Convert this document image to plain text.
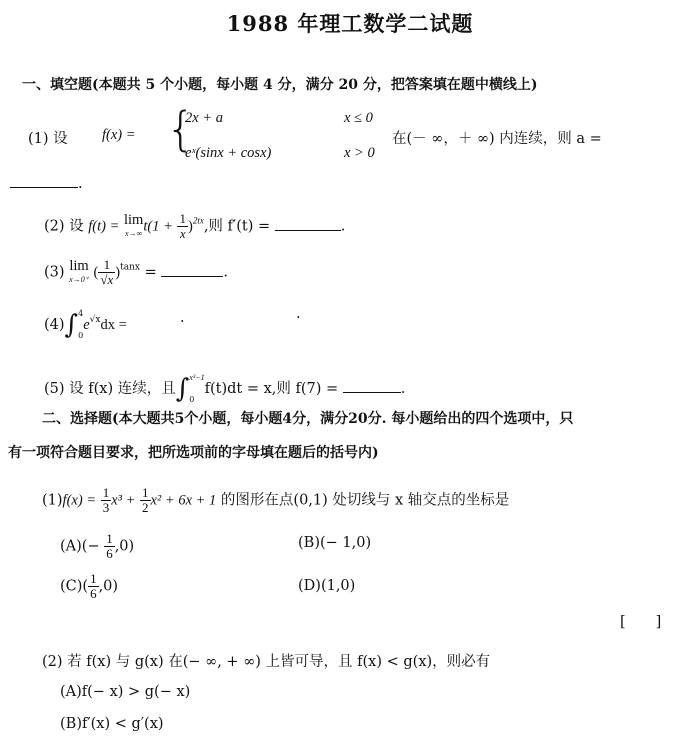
1988 年理工数学二试题
一、填空题(本题共 5 个小题，每小题 4 分，满分 20 分，把答案填在题中横线上)
(1) 设 f(x) = {
2x + a	x ≤ 0
eˣ(sinx + cosx)	x > 0
在(－ ∞，＋ ∞) 内连续，则 a =
.
(2) 设 f(t) = lim
x→∞ $t(1 + \frac{1}{x} )^{2tx}$,则 f′(t) =	.
(3) lim
x→0⁺ ( $\frac{1}{√x} )^{tanx}$ =	.
(4)∫ 4
0
$e^{√x}dx$ =	·	·
(5) 设 f(x) 连续，且∫ x³−1
0
f(t)dt = x,则 f(7) =	.
二、选择题(本大题共5个小题，每小题4分，满分20分. 每小题给出的四个选项中，只
有一项符合题目要求，把所选项前的字母填在题后的括号内)
$(1)f(x) = \frac{1}{3} x^3 + \frac{1}{2} x^2 + 6x + 1$ 的图形在点(0,1) 处切线与 x 轴交点的坐标是
$(A)(- \frac{1}{6} ,0)$	(B)(− 1,0)
$(C)( \frac{1}{6} ,0)$	(D)(1,0)
[ ]
(2) 若 f(x) 与 g(x) 在(− ∞, + ∞) 上皆可导，且 f(x) < g(x)，则必有
(A)f(− x) > g(− x)
(B)f′(x) < g′(x)
